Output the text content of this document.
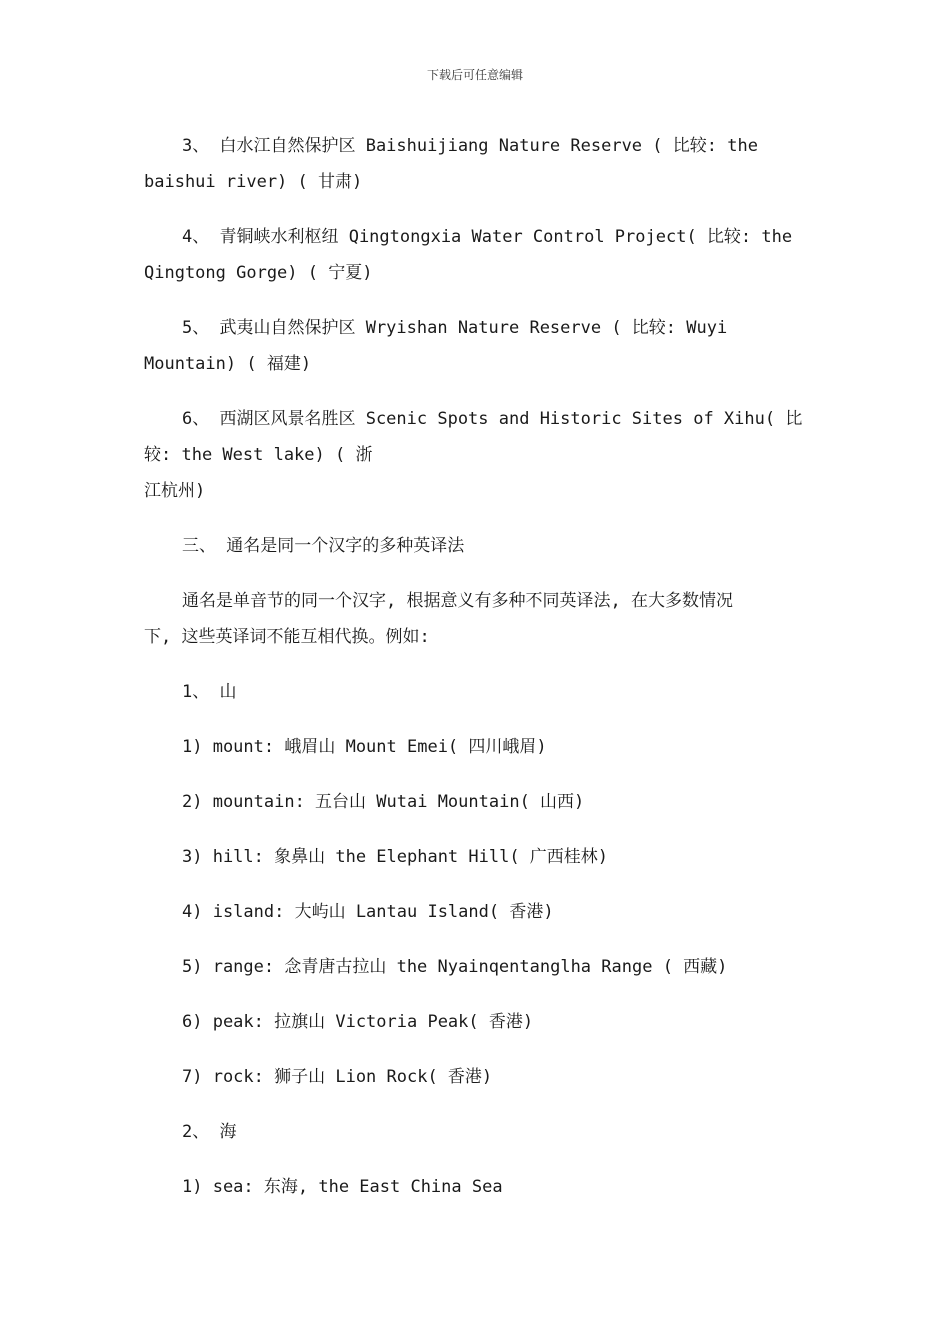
下载后可任意编辑

3、 白水江自然保护区 Baishuijiang Nature Reserve ( 比较: the
baishui river) ( 甘肃)

4、 青铜峡水利枢纽 Qingtongxia Water Control Project( 比较: the
Qingtong Gorge) ( 宁夏)

5、 武夷山自然保护区 Wryishan Nature Reserve ( 比较: Wuyi
Mountain) ( 福建)

6、 西湖区风景名胜区 Scenic Spots and Historic Sites of Xihu( 比
较: the West lake) ( 浙
江杭州)

三、 通名是同一个汉字的多种英译法

通名是单音节的同一个汉字, 根据意义有多种不同英译法, 在大多数情况
下, 这些英译词不能互相代换。例如:

1、 山

1) mount: 峨眉山 Mount Emei( 四川峨眉)

2) mountain: 五台山 Wutai Mountain( 山西)

3) hill: 象鼻山 the Elephant Hill( 广西桂林)

4) island: 大屿山 Lantau Island( 香港)

5) range: 念青唐古拉山 the Nyainqentanglha Range ( 西藏)

6) peak: 拉旗山 Victoria Peak( 香港)

7) rock: 狮子山 Lion Rock( 香港)

2、 海

1) sea: 东海, the East China Sea
